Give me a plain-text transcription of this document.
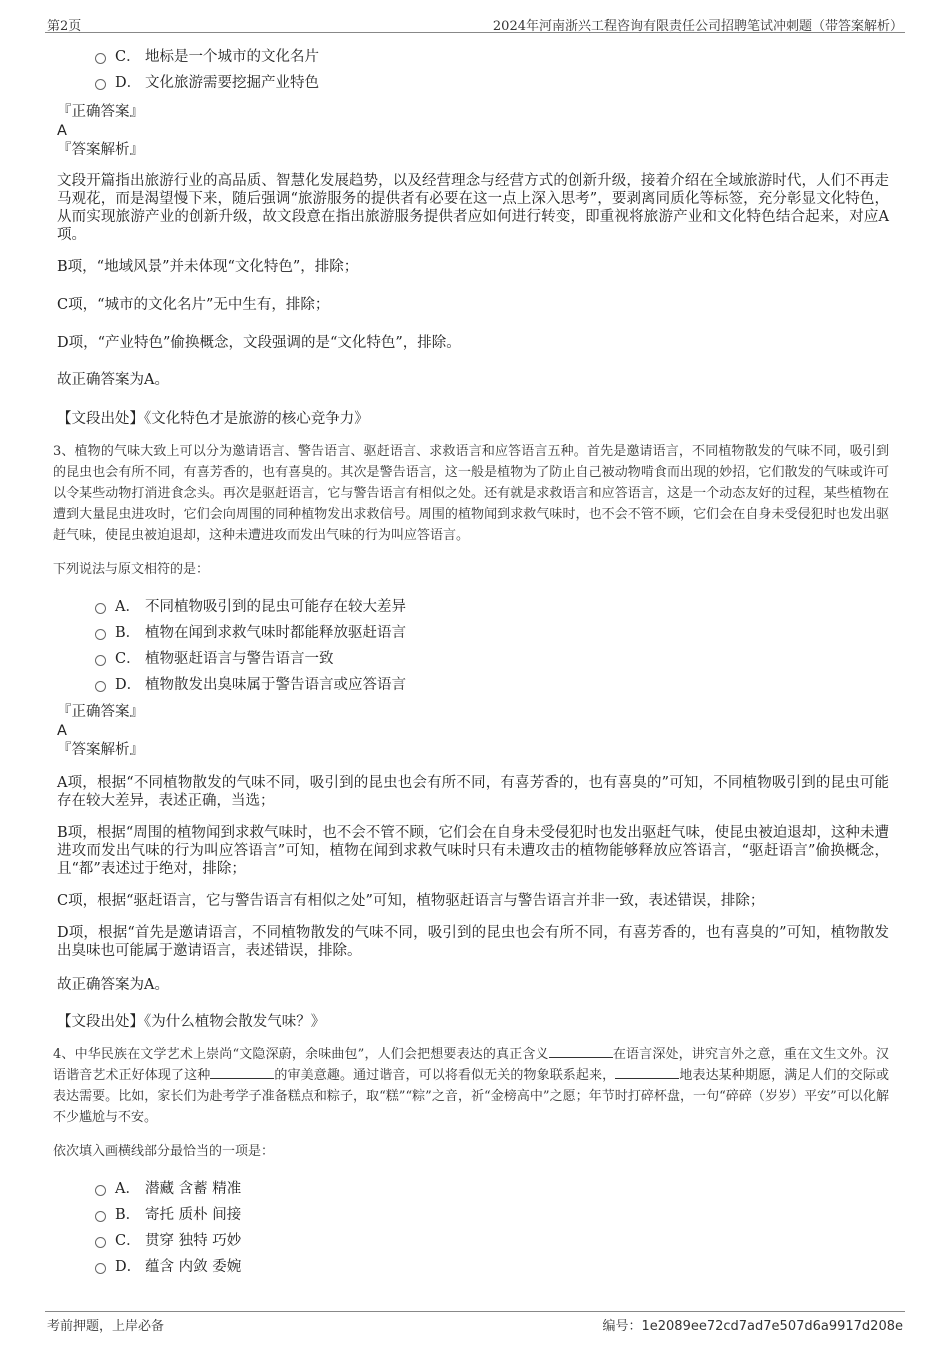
第2页	2024年河南浙兴工程咨询有限责任公司招聘笔试冲刺题（带答案解析）
C． 地标是一个城市的文化名片
D． 文化旅游需要挖掘产业特色

『正确答案』

A

『答案解析』

文段开篇指出旅游行业的高品质、智慧化发展趋势，以及经营理念与经营方式的创新升级，接着介绍在全域旅游时代，人们不再走马观花，而是渴望慢下来，随后强调“旅游服务的提供者有必要在这一点上深入思考”，要剥离同质化等标签，充分彰显文化特色，从而实现旅游产业的创新升级，故文段意在指出旅游服务提供者应如何进行转变，即重视将旅游产业和文化特色结合起来，对应A项。

B项，“地域风景”并未体现“文化特色”，排除；

C项，“城市的文化名片”无中生有，排除；

D项，“产业特色”偷换概念，文段强调的是“文化特色”，排除。

故正确答案为A。

【文段出处】《文化特色才是旅游的核心竞争力》

3、植物的气味大致上可以分为邀请语言、警告语言、驱赶语言、求救语言和应答语言五种。首先是邀请语言，不同植物散发的气味不同，吸引到的昆虫也会有所不同，有喜芳香的，也有喜臭的。其次是警告语言，这一般是植物为了防止自己被动物啃食而出现的妙招，它们散发的气味或许可以令某些动物打消进食念头。再次是驱赶语言，它与警告语言有相似之处。还有就是求救语言和应答语言，这是一个动态友好的过程，某些植物在遭到大量昆虫进攻时，它们会向周围的同种植物发出求救信号。周围的植物闻到求救气味时，也不会不管不顾，它们会在自身未受侵犯时也发出驱赶气味，使昆虫被迫退却，这种未遭进攻而发出气味的行为叫应答语言。

下列说法与原文相符的是：

A． 不同植物吸引到的昆虫可能存在较大差异
B． 植物在闻到求救气味时都能释放驱赶语言
C． 植物驱赶语言与警告语言一致
D． 植物散发出臭味属于警告语言或应答语言

『正确答案』

A

『答案解析』

A项，根据“不同植物散发的气味不同，吸引到的昆虫也会有所不同，有喜芳香的，也有喜臭的”可知，不同植物吸引到的昆虫可能存在较大差异，表述正确，当选；

B项，根据“周围的植物闻到求救气味时，也不会不管不顾，它们会在自身未受侵犯时也发出驱赶气味，使昆虫被迫退却，这种未遭进攻而发出气味的行为叫应答语言”可知，植物在闻到求救气味时只有未遭攻击的植物能够释放应答语言，“驱赶语言”偷换概念，且“都”表述过于绝对，排除；

C项，根据“驱赶语言，它与警告语言有相似之处”可知，植物驱赶语言与警告语言并非一致，表述错误，排除；

D项，根据“首先是邀请语言，不同植物散发的气味不同，吸引到的昆虫也会有所不同，有喜芳香的，也有喜臭的”可知，植物散发出臭味也可能属于邀请语言，表述错误，排除。

故正确答案为A。

【文段出处】《为什么植物会散发气味？》

4、中华民族在文学艺术上崇尚“文隐深蔚，余味曲包”，人们会把想要表达的真正含义	在语言深处，讲究言外之意，重在文生文外。汉语谐音艺术正好体现了这种	的审美意趣。通过谐音，可以将看似无关的物象联系起来，	地表达某种期愿，满足人们的交际或表达需要。比如，家长们为赴考学子准备糕点和粽子，取“糕”“粽”之音，祈“金榜高中”之愿；年节时打碎杯盘，一句“碎碎（岁岁）平安”可以化解不少尴尬与不安。

依次填入画横线部分最恰当的一项是：

A． 潜藏 含蓄 精准
B． 寄托 质朴 间接
C． 贯穿 独特 巧妙
D． 蕴含 内敛 委婉
考前押题，上岸必备	编号：1e2089ee72cd7ad7e507d6a9917d208e
